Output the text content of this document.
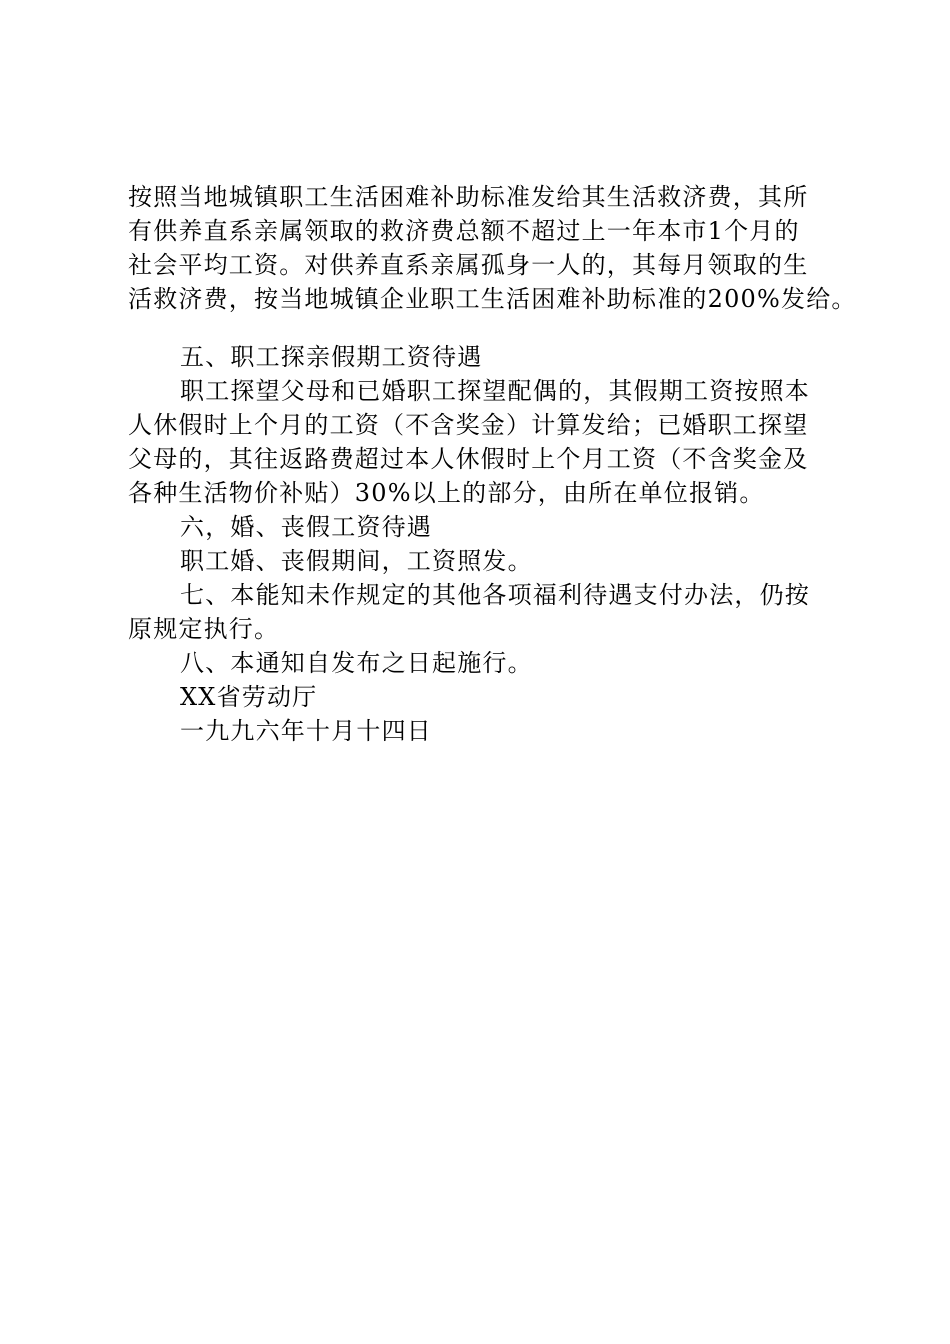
按照当地城镇职工生活困难补助标准发给其生活救济费，其所
有供养直系亲属领取的救济费总额不超过上一年本市1个月的
社会平均工资。对供养直系亲属孤身一人的，其每月领取的生
活救济费，按当地城镇企业职工生活困难补助标准的200%发给。
五、职工探亲假期工资待遇
职工探望父母和已婚职工探望配偶的，其假期工资按照本
人休假时上个月的工资（不含奖金）计算发给；已婚职工探望
父母的，其往返路费超过本人休假时上个月工资（不含奖金及
各种生活物价补贴）30%以上的部分，由所在单位报销。
六，婚、丧假工资待遇
职工婚、丧假期间，工资照发。
七、本能知未作规定的其他各项福利待遇支付办法，仍按
原规定执行。
八、本通知自发布之日起施行。
XX省劳动厅
一九九六年十月十四日
